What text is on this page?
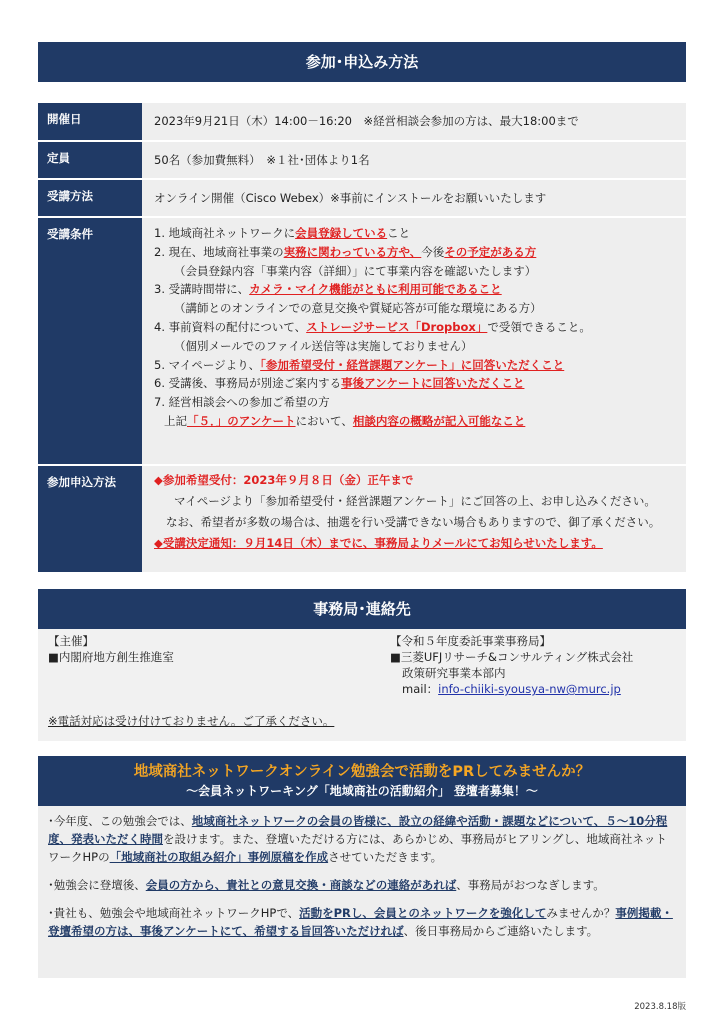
参加･申込み方法
開催日	2023年9月21日（木）14:00－16:20　※経営相談会参加の方は、最大18:00まで
定員	50名（参加費無料）　※１社･団体より1名
受講方法	オンライン開催（Cisco Webex）※事前にインストールをお願いいたします
受講条件	1. 地域商社ネットワークに会員登録していること

2. 現在、地域商社事業の実務に関わっている方や、今後その予定がある方

（会員登録内容「事業内容（詳細）」にて事業内容を確認いたします）

3. 受講時間帯に、カメラ・マイク機能がともに利用可能であること

（講師とのオンラインでの意見交換や質疑応答が可能な環境にある方）

4. 事前資料の配付について、ストレージサービス「Dropbox」で受領できること。

（個別メールでのファイル送信等は実施しておりません）

5. マイページより、「参加希望受付・経営課題アンケート」に回答いただくこと

6. 受講後、事務局が別途ご案内する事後アンケートに回答いただくこと

7. 経営相談会への参加ご希望の方

上記「５．」のアンケートにおいて、相談内容の概略が記入可能なこと

参加申込方法	◆参加希望受付：2023年９月８日（金）正午まで

マイページより「参加希望受付・経営課題アンケート」にご回答の上、お申し込みください。

なお、希望者が多数の場合は、抽選を行い受講できない場合もありますので、御了承ください。

◆受講決定通知：９月14日（木）までに、事務局よりメールにてお知らせいたします。

事務局･連絡先

【主催】

■内閣府地方創生推進室

【令和５年度委託事業事務局】

■三菱UFJリサーチ&コンサルティング株式会社

政策研究事業本部内

mail：info-chiiki-syousya-nw@murc.jp

※電話対応は受け付けておりません。ご了承ください。

地域商社ネットワークオンライン勉強会で活動をPRしてみませんか？
～会員ネットワーキング「地域商社の活動紹介」 登壇者募集！～

･今年度、この勉強会では、地域商社ネットワークの会員の皆様に、設立の経緯や活動・課題などについて、５～10分程度、発表いただく時間を設けます。また、登壇いただける方には、あらかじめ、事務局がヒアリングし、地域商社ネットワークHPの「地域商社の取組み紹介」事例原稿を作成させていただきます。

･勉強会に登壇後、会員の方から、貴社との意見交換・商談などの連絡があれば、事務局がおつなぎします。

･貴社も、勉強会や地域商社ネットワークHPで、活動をPRし、会員とのネットワークを強化してみませんか？事例掲載・登壇希望の方は、事後アンケートにて、希望する旨回答いただければ、後日事務局からご連絡いたします。

2023.8.18版
